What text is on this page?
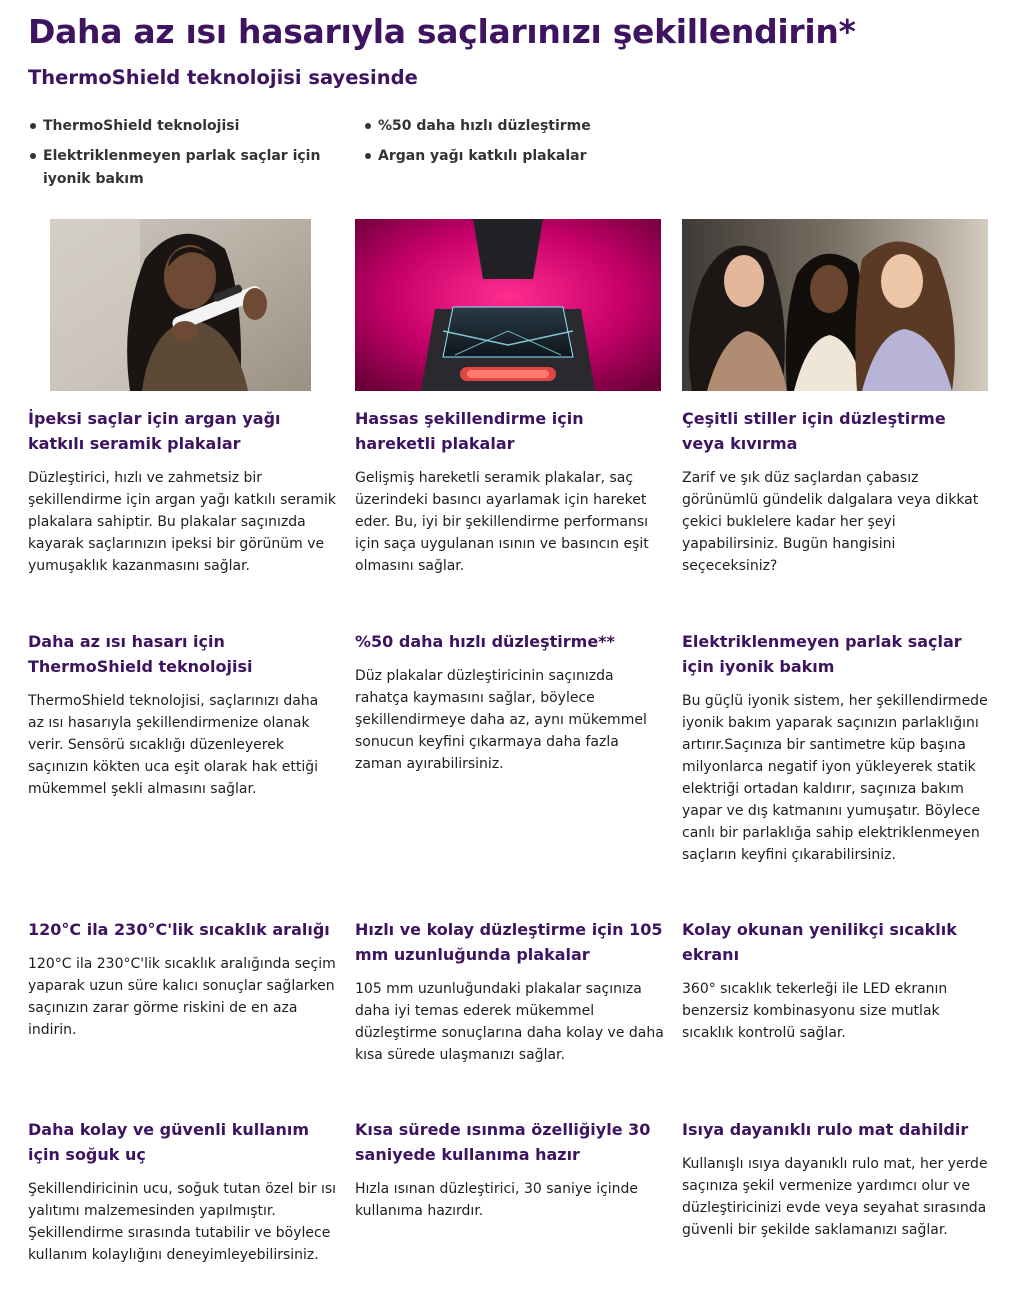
Daha az ısı hasarıyla saçlarınızı şekillendirin*
ThermoShield teknolojisi sayesinde
ThermoShield teknolojisi	%50 daha hızlı düzleştirme
Elektriklenmeyen parlak saçlar için iyonik bakım
Argan yağı katkılı plakalar
İpeksi saçlar için argan yağı katkılı seramik plakalar

Düzleştirici, hızlı ve zahmetsiz bir şekillendirme için argan yağı katkılı seramik plakalara sahiptir. Bu plakalar saçınızda kayarak saçlarınızın ipeksi bir görünüm ve yumuşaklık kazanmasını sağlar.

Hassas şekillendirme için hareketli plakalar

Gelişmiş hareketli seramik plakalar, saç üzerindeki basıncı ayarlamak için hareket eder. Bu, iyi bir şekillendirme performansı için saça uygulanan ısının ve basıncın eşit olmasını sağlar.

Çeşitli stiller için düzleştirme veya kıvırma

Zarif ve şık düz saçlardan çabasız görünümlü gündelik dalgalara veya dikkat çekici buklelere kadar her şeyi yapabilirsiniz. Bugün hangisini seçeceksiniz?

Daha az ısı hasarı için ThermoShield teknolojisi

ThermoShield teknolojisi, saçlarınızı daha az ısı hasarıyla şekillendirmenize olanak verir. Sensörü sıcaklığı düzenleyerek saçınızın kökten uca eşit olarak hak ettiği mükemmel şekli almasını sağlar.

%50 daha hızlı düzleştirme**

Düz plakalar düzleştiricinin saçınızda rahatça kaymasını sağlar, böylece şekillendirmeye daha az, aynı mükemmel sonucun keyfini çıkarmaya daha fazla zaman ayırabilirsiniz.

Elektriklenmeyen parlak saçlar için iyonik bakım

Bu güçlü iyonik sistem, her şekillendirmede iyonik bakım yaparak saçınızın parlaklığını artırır.Saçınıza bir santimetre küp başına milyonlarca negatif iyon yükleyerek statik elektriği ortadan kaldırır, saçınıza bakım yapar ve dış katmanını yumuşatır. Böylece canlı bir parlaklığa sahip elektriklenmeyen saçların keyfini çıkarabilirsiniz.

120°C ila 230°C'lik sıcaklık aralığı

120°C ila 230°C'lik sıcaklık aralığında seçim yaparak uzun süre kalıcı sonuçlar sağlarken saçınızın zarar görme riskini de en aza indirin.

Hızlı ve kolay düzleştirme için 105 mm uzunluğunda plakalar

105 mm uzunluğundaki plakalar saçınıza daha iyi temas ederek mükemmel düzleştirme sonuçlarına daha kolay ve daha kısa sürede ulaşmanızı sağlar.

Kolay okunan yenilikçi sıcaklık ekranı

360° sıcaklık tekerleği ile LED ekranın benzersiz kombinasyonu size mutlak sıcaklık kontrolü sağlar.

Daha kolay ve güvenli kullanım için soğuk uç

Şekillendiricinin ucu, soğuk tutan özel bir ısı yalıtımı malzemesinden yapılmıştır. Şekillendirme sırasında tutabilir ve böylece kullanım kolaylığını deneyimleyebilirsiniz.

Kısa sürede ısınma özelliğiyle 30 saniyede kullanıma hazır

Hızla ısınan düzleştirici, 30 saniye içinde kullanıma hazırdır.

Isıya dayanıklı rulo mat dahildir

Kullanışlı ısıya dayanıklı rulo mat, her yerde saçınıza şekil vermenize yardımcı olur ve düzleştiricinizi evde veya seyahat sırasında güvenli bir şekilde saklamanızı sağlar.
